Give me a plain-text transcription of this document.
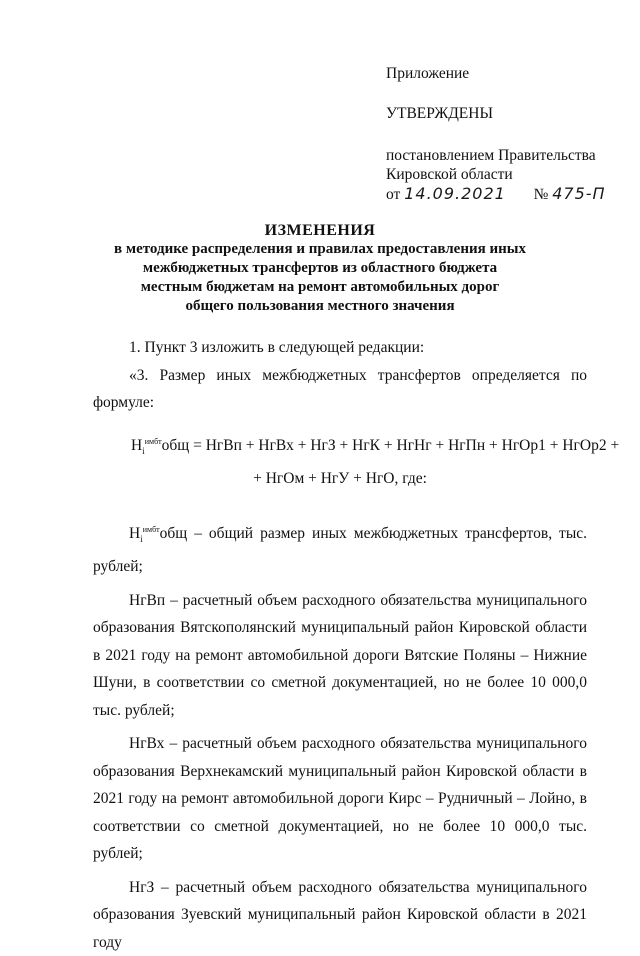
Приложение
УТВЕРЖДЕНЫ
постановлением Правительства
Кировской области
от 14.09.2021 № 475-П
ИЗМЕНЕНИЯ
в методике распределения и правилах предоставления иных
межбюджетных трансфертов из областного бюджета
местным бюджетам на ремонт автомобильных дорог
общего пользования местного значения

1. Пункт 3 изложить в следующей редакции:

«3. Размер иных межбюджетных трансфертов определяется по формуле:

$H_i^{имбт}общ$ = НгВп + НгВх + НгЗ + НгК + НгНг + НгПн + НгОр1 + НгОр2 +
+ НгОм + НгУ + НгО, где:

$H_i^{имбт}общ$ – общий размер иных межбюджетных трансфертов, тыс. рублей;

НгВп – расчетный объем расходного обязательства муниципального образования Вятскополянский муниципальный район Кировской области в 2021 году на ремонт автомобильной дороги Вятские Поляны – Нижние Шуни, в соответствии со сметной документацией, но не более 10 000,0 тыс. рублей;

НгВх – расчетный объем расходного обязательства муниципального образования Верхнекамский муниципальный район Кировской области в 2021 году на ремонт автомобильной дороги Кирс – Рудничный – Лойно, в соответствии со сметной документацией, но не более 10 000,0 тыс. рублей;

НгЗ – расчетный объем расходного обязательства муниципального образования Зуевский муниципальный район Кировской области в 2021 году
